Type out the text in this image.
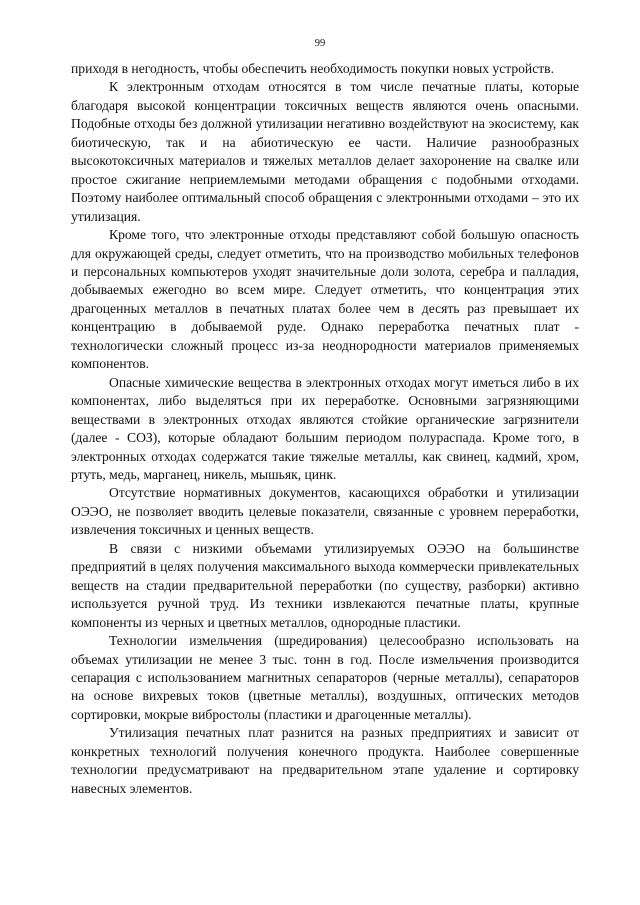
99

приходя в негодность, чтобы обеспечить необходимость покупки новых устройств.

К электронным отходам относятся в том числе печатные платы, которые благодаря высокой концентрации токсичных веществ являются очень опасными. Подобные отходы без должной утилизации негативно воздействуют на экосистему, как биотическую, так и на абиотическую ее части. Наличие разнообразных высокотоксичных материалов и тяжелых металлов делает захоронение на свалке или простое сжигание неприемлемыми методами обращения с подобными отходами. Поэтому наиболее оптимальный способ обращения с электронными отходами – это их утилизация.

Кроме того, что электронные отходы представляют собой большую опасность для окружающей среды, следует отметить, что на производство мобильных телефонов и персональных компьютеров уходят значительные доли золота, серебра и палладия, добываемых ежегодно во всем мире. Следует отметить, что концентрация этих драгоценных металлов в печатных платах более чем в десять раз превышает их концентрацию в добываемой руде. Однако переработка печатных плат - технологически сложный процесс из-за неоднородности материалов применяемых компонентов.

Опасные химические вещества в электронных отходах могут иметься либо в их компонентах, либо выделяться при их переработке. Основными загрязняющими веществами в электронных отходах являются стойкие органические загрязнители (далее - СОЗ), которые обладают большим периодом полураспада. Кроме того, в электронных отходах содержатся такие тяжелые металлы, как свинец, кадмий, хром, ртуть, медь, марганец, никель, мышьяк, цинк.

Отсутствие нормативных документов, касающихся обработки и утилизации ОЭЭО, не позволяет вводить целевые показатели, связанные с уровнем переработки, извлечения токсичных и ценных веществ.

В связи с низкими объемами утилизируемых ОЭЭО на большинстве предприятий в целях получения максимального выхода коммерчески привлекательных веществ на стадии предварительной переработки (по существу, разборки) активно используется ручной труд. Из техники извлекаются печатные платы, крупные компоненты из черных и цветных металлов, однородные пластики.

Технологии измельчения (шредирования) целесообразно использовать на объемах утилизации не менее 3 тыс. тонн в год. После измельчения производится сепарация с использованием магнитных сепараторов (черные металлы), сепараторов на основе вихревых токов (цветные металлы), воздушных, оптических методов сортировки, мокрые вибростолы (пластики и драгоценные металлы).

Утилизация печатных плат разнится на разных предприятиях и зависит от конкретных технологий получения конечного продукта. Наиболее совершенные технологии предусматривают на предварительном этапе удаление и сортировку навесных элементов.
